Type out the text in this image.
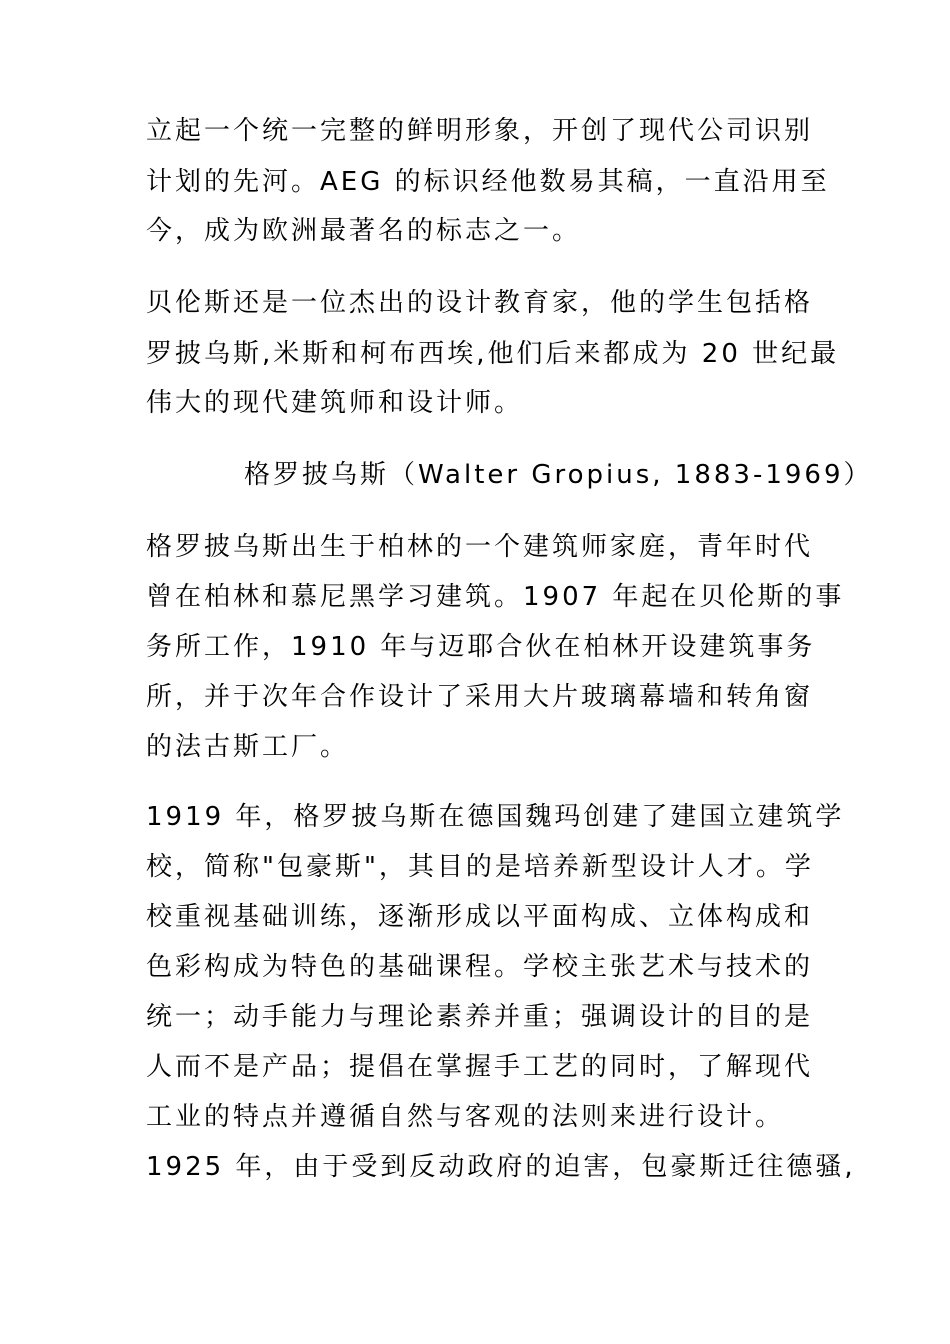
立起一个统一完整的鲜明形象，开创了现代公司识别
计划的先河。AEG 的标识经他数易其稿，一直沿用至
今，成为欧洲最著名的标志之一。
贝伦斯还是一位杰出的设计教育家，他的学生包括格
罗披乌斯,米斯和柯布西埃,他们后来都成为 20 世纪最
伟大的现代建筑师和设计师。
格罗披乌斯（Walter Gropius, 1883-1969）
格罗披乌斯出生于柏林的一个建筑师家庭，青年时代
曾在柏林和慕尼黑学习建筑。1907 年起在贝伦斯的事
务所工作，1910 年与迈耶合伙在柏林开设建筑事务
所，并于次年合作设计了采用大片玻璃幕墙和转角窗
的法古斯工厂。
1919 年，格罗披乌斯在德国魏玛创建了建国立建筑学
校，简称"包豪斯"，其目的是培养新型设计人才。学
校重视基础训练，逐渐形成以平面构成、立体构成和
色彩构成为特色的基础课程。学校主张艺术与技术的
统一；动手能力与理论素养并重；强调设计的目的是
人而不是产品；提倡在掌握手工艺的同时，了解现代
工业的特点并遵循自然与客观的法则来进行设计。
1925 年，由于受到反动政府的迫害，包豪斯迁往德骚,
